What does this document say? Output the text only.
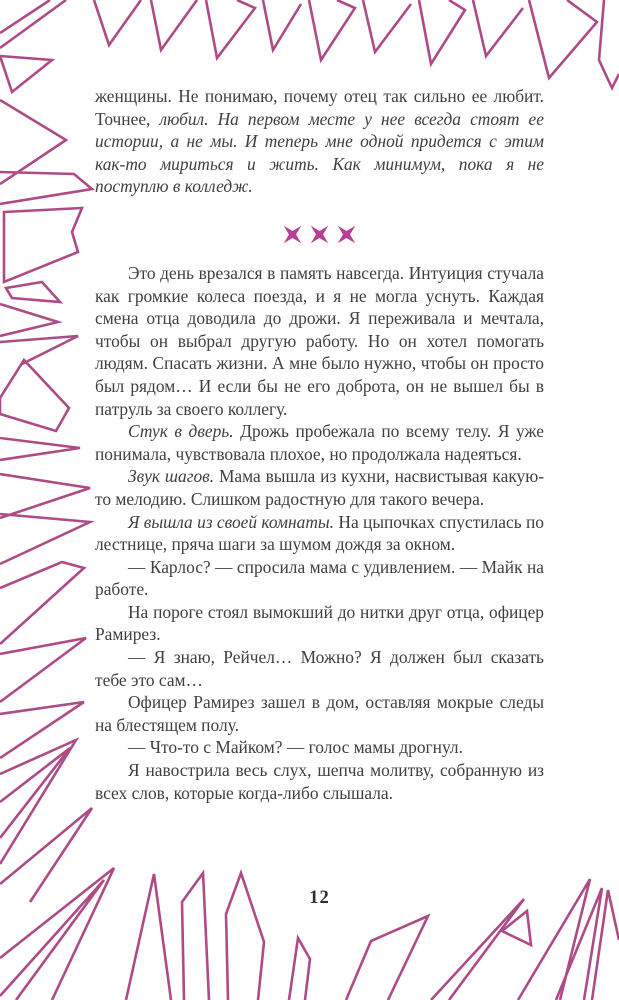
женщины. Не понимаю, почему отец так сильно ее любит. Точнее, любил. На первом месте у нее всегда стоят ее истории, а не мы. И теперь мне одной придется с этим как-то мириться и жить. Как минимум, пока я не поступлю в колледж.

Это день врезался в память навсегда. Интуиция стучала как громкие колеса поезда, и я не могла уснуть. Каждая смена отца доводила до дрожи. Я переживала и мечтала, чтобы он выбрал другую работу. Но он хотел помогать людям. Спасать жизни. А мне было нужно, чтобы он просто был рядом… И если бы не его доброта, он не вышел бы в патруль за своего коллегу.

Стук в дверь. Дрожь пробежала по всему телу. Я уже понимала, чувствовала плохое, но продолжала надеяться.

Звук шагов. Мама вышла из кухни, насвистывая какую-то мелодию. Слишком радостную для такого вечера.

Я вышла из своей комнаты. На цыпочках спустилась по лестнице, пряча шаги за шумом дождя за окном.

— Карлос? — спросила мама с удивлением. — Майк на работе.

На пороге стоял вымокший до нитки друг отца, офицер Рамирез.

— Я знаю, Рейчел… Можно? Я должен был сказать тебе это сам…

Офицер Рамирез зашел в дом, оставляя мокрые следы на блестящем полу.

— Что-то с Майком? — голос мамы дрогнул.

Я навострила весь слух, шепча молитву, собранную из всех слов, которые когда-либо слышала.

12
